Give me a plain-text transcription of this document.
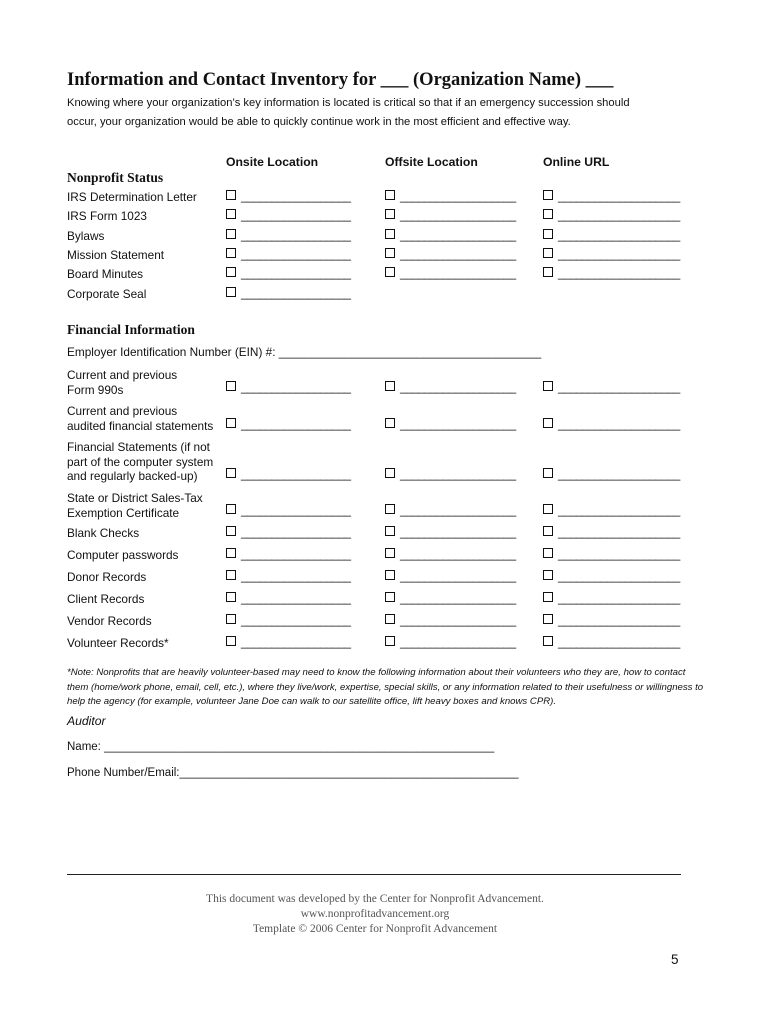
Information and Contact Inventory for ___ (Organization Name) ___
Knowing where your organization’s key information is located is critical so that if an emergency succession should
occur, your organization would be able to quickly continue work in the most efficient and effective way.
Onsite Location	Offsite Location	Online URL
Nonprofit Status
IRS Determination Letter	__________________	___________________	____________________
IRS Form 1023	__________________	___________________	____________________
Bylaws	__________________	___________________	____________________
Mission Statement	__________________	___________________	____________________
Board Minutes	__________________	___________________	____________________
Corporate Seal	__________________
Financial Information
Employer Identification Number (EIN) #: ________________________________________
Current and previous
Form 990s	__________________	___________________	____________________
Current and previous
audited financial statements	__________________	___________________	____________________
Financial Statements (if not
part of the computer system
and regularly backed-up)	__________________	___________________	____________________
State or District Sales-Tax
Exemption Certificate	__________________	___________________	____________________
Blank Checks	__________________	___________________	____________________
Computer passwords	__________________	___________________	____________________
Donor Records	__________________	___________________	____________________
Client Records	__________________	___________________	____________________
Vendor Records	__________________	___________________	____________________
Volunteer Records*	__________________	___________________	____________________
*Note: Nonprofits that are heavily volunteer-based may need to know the following information about their volunteers who they are, how to contact them (home/work phone, email, cell, etc.), where they live/work, expertise, special skills, or any information related to their usefulness or willingness to help the agency (for example, volunteer Jane Doe can walk to our satellite office, lift heavy boxes and knows CPR).
Auditor
Name: _____________________________________________________________
Phone Number/Email:_____________________________________________________
This document was developed by the Center for Nonprofit Advancement.
www.nonprofitadvancement.org
Template © 2006 Center for Nonprofit Advancement
5
